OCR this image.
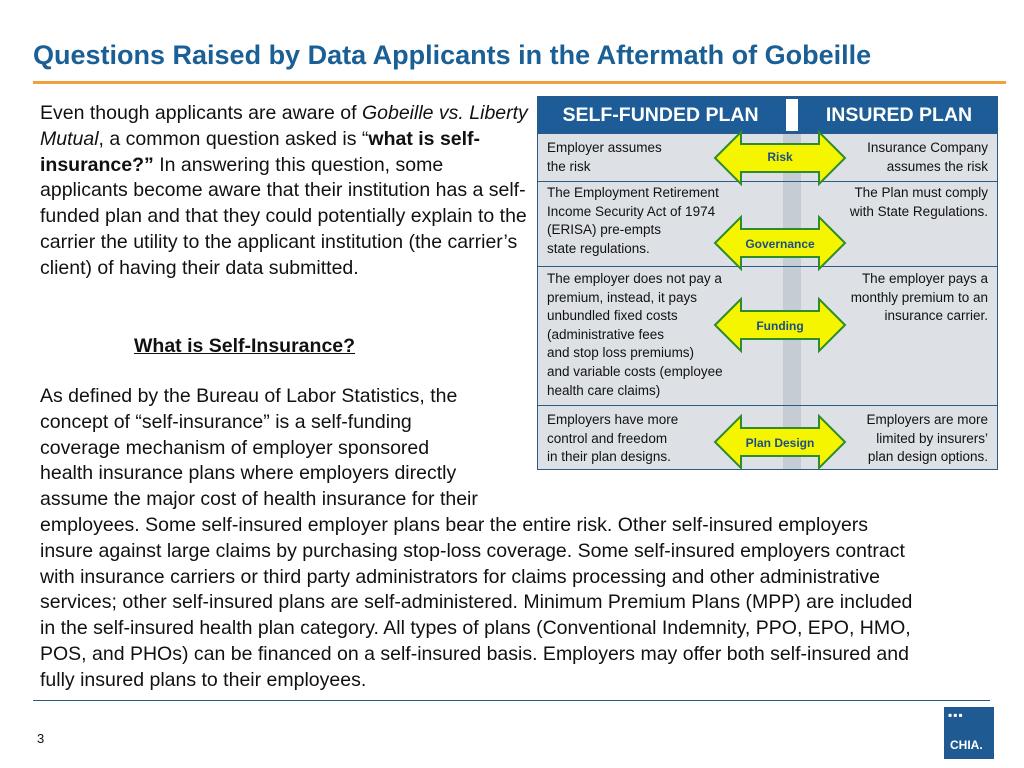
Questions Raised by Data Applicants in the Aftermath of Gobeille
Even though applicants are aware of Gobeille vs. Liberty Mutual, a common question asked is “what is self-insurance?” In answering this question, some applicants become aware that their institution has a self-funded plan and that they could potentially explain to the carrier the utility to the applicant institution (the carrier’s client) of having their data submitted.
What is Self-Insurance?
As defined by the Bureau of Labor Statistics, the
concept of “self-insurance” is a self-funding
coverage mechanism of employer sponsored
health insurance plans where employers directly
assume the major cost of health insurance for their
employees. Some self-insured employer plans bear the entire risk. Other self-insured employers
insure against large claims by purchasing stop-loss coverage. Some self-insured employers contract
with insurance carriers or third party administrators for claims processing and other administrative
services; other self-insured plans are self-administered. Minimum Premium Plans (MPP) are included
in the self-insured health plan category. All types of plans (Conventional Indemnity, PPO, EPO, HMO,
POS, and PHOs) can be financed on a self-insured basis. Employers may offer both self-insured and
fully insured plans to their employees.
SELF-FUNDED PLAN	INSURED PLAN
Employer assumes
the risk
Insurance Company
assumes the risk
The Employment Retirement
Income Security Act of 1974
(ERISA) pre-empts
state regulations.
The Plan must comply
with State Regulations.
The employer does not pay a
premium, instead, it pays
unbundled fixed costs
(administrative fees
and stop loss premiums)
and variable costs (employee
health care claims)
The employer pays a
monthly premium to an
insurance carrier.
Employers have more
control and freedom
in their plan designs.
Employers are more
limited by insurers’
plan design options.
Risk
Governance
Funding
Plan Design
3
▪▪▪
CHIA.
